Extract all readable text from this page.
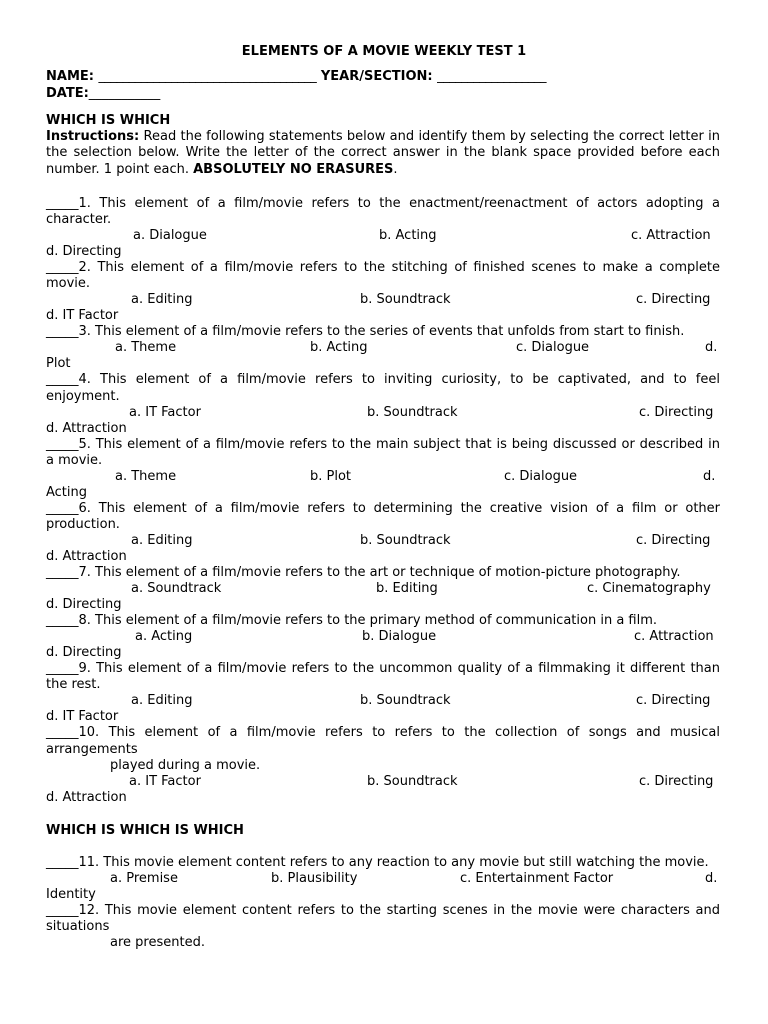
ELEMENTS OF A MOVIE WEEKLY TEST 1
NAME: ____________________________________ YEAR/SECTION: __________________
DATE:___________
WHICH IS WHICH

Instructions: Read the following statements below and identify them by selecting the correct letter in the selection below. Write the letter of the correct answer in the blank space provided before each number. 1 point each. ABSOLUTELY NO ERASURES.

_____1. This element of a film/movie refers to the enactment/reenactment of actors adopting a character.
a. Dialogue	b. Acting	c. Attraction
d. Directing
_____2. This element of a film/movie refers to the stitching of finished scenes to make a complete movie.
a. Editing	b. Soundtrack	c. Directing
d. IT Factor
_____3. This element of a film/movie refers to the series of events that unfolds from start to finish.
a. Theme	b. Acting	c. Dialogue	d.
Plot
_____4. This element of a film/movie refers to inviting curiosity, to be captivated, and to feel enjoyment.
a. IT Factor	b. Soundtrack	c. Directing
d. Attraction
_____5. This element of a film/movie refers to the main subject that is being discussed or described in a movie.
a. Theme	b. Plot	c. Dialogue	d.
Acting
_____6. This element of a film/movie refers to determining the creative vision of a film or other production.
a. Editing	b. Soundtrack	c. Directing
d. Attraction
_____7. This element of a film/movie refers to the art or technique of motion-picture photography.
a. Soundtrack	b. Editing	c. Cinematography
d. Directing
_____8. This element of a film/movie refers to the primary method of communication in a film.
a. Acting	b. Dialogue	c. Attraction
d. Directing
_____9. This element of a film/movie refers to the uncommon quality of a filmmaking it different than the rest.
a. Editing	b. Soundtrack	c. Directing
d. IT Factor
_____10. This element of a film/movie refers to refers to the collection of songs and musical arrangements
played during a movie.
a. IT Factor	b. Soundtrack	c. Directing
d. Attraction
WHICH IS WHICH IS WHICH
_____11. This movie element content refers to any reaction to any movie but still watching the movie.
a. Premise	b. Plausibility	c. Entertainment Factor	d.
Identity
_____12. This movie element content refers to the starting scenes in the movie were characters and situations
are presented.
